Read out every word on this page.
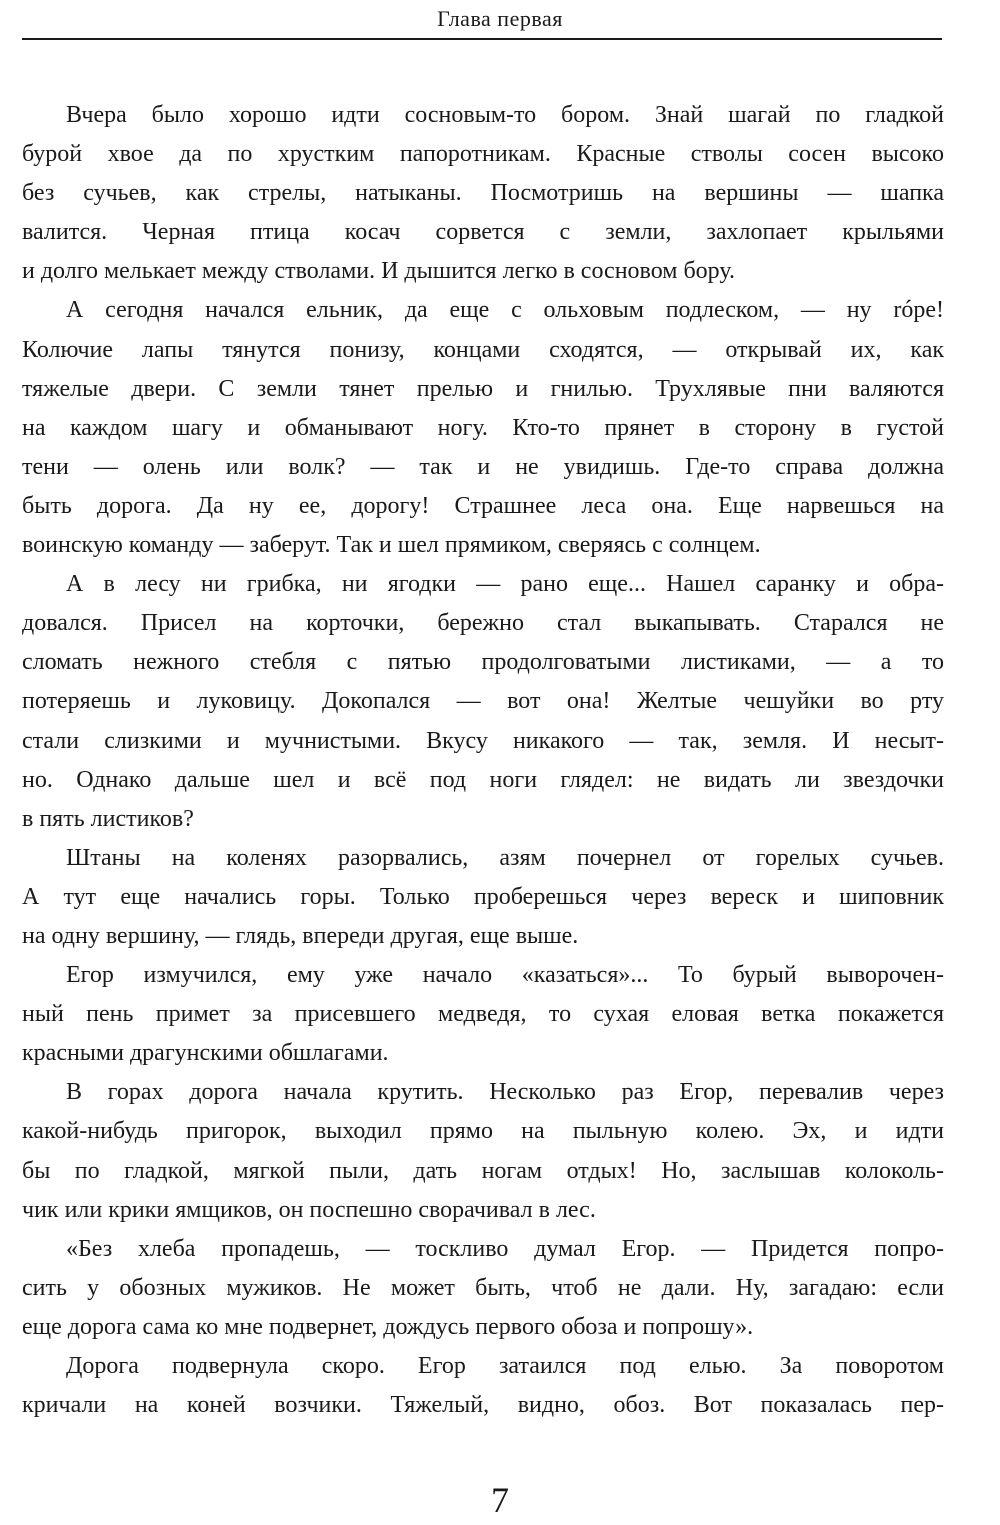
Глава первая

Вчера было хорошо идти сосновым-то бором. Знай шагай по гладкой
бурой хвое да по хрустким папоротникам. Красные стволы сосен высоко
без сучьев, как стрелы, натыканы. Посмотришь на вершины — шапка
валится. Черная птица косач сорвется с земли, захлопает крыльями
и долго мелькает между стволами. И дышится легко в сосновом бору.

А сегодня начался ельник, да еще с ольховым подлеском, — ну róре!
Колючие лапы тянутся понизу, концами сходятся, — открывай их, как
тяжелые двери. С земли тянет прелью и гнилью. Трухлявые пни валяются
на каждом шагу и обманывают ногу. Кто-то прянет в сторону в густой
тени — олень или волк? — так и не увидишь. Где-то справа должна
быть дорога. Да ну ее, дорогу! Страшнее леса она. Еще нарвешься на
воинскую команду — заберут. Так и шел прямиком, сверяясь с солнцем.

А в лесу ни грибка, ни ягодки — рано еще... Нашел саранку и обра-
довался. Присел на корточки, бережно стал выкапывать. Старался не
сломать нежного стебля с пятью продолговатыми листиками, — а то
потеряешь и луковицу. Докопался — вот она! Желтые чешуйки во рту
стали слизкими и мучнистыми. Вкусу никакого — так, земля. И несыт-
но. Однако дальше шел и всё под ноги глядел: не видать ли звездочки
в пять листиков?

Штаны на коленях разорвались, азям почернел от горелых сучьев.
А тут еще начались горы. Только проберешься через вереск и шиповник
на одну вершину, — глядь, впереди другая, еще выше.

Егор измучился, ему уже начало «казаться»... То бурый выворочен-
ный пень примет за присевшего медведя, то сухая еловая ветка покажется
красными драгунскими обшлагами.

В горах дорога начала крутить. Несколько раз Егор, перевалив через
какой-нибудь пригорок, выходил прямо на пыльную колею. Эх, и идти
бы по гладкой, мягкой пыли, дать ногам отдых! Но, заслышав колоколь-
чик или крики ямщиков, он поспешно сворачивал в лес.

«Без хлеба пропадешь, — тоскливо думал Егор. — Придется попро-
сить у обозных мужиков. Не может быть, чтоб не дали. Ну, загадаю: если
еще дорога сама ко мне подвернет, дождусь первого обоза и попрошу».

Дорога подвернула скоро. Егор затаился под елью. За поворотом
кричали на коней возчики. Тяжелый, видно, обоз. Вот показалась пер-

7
